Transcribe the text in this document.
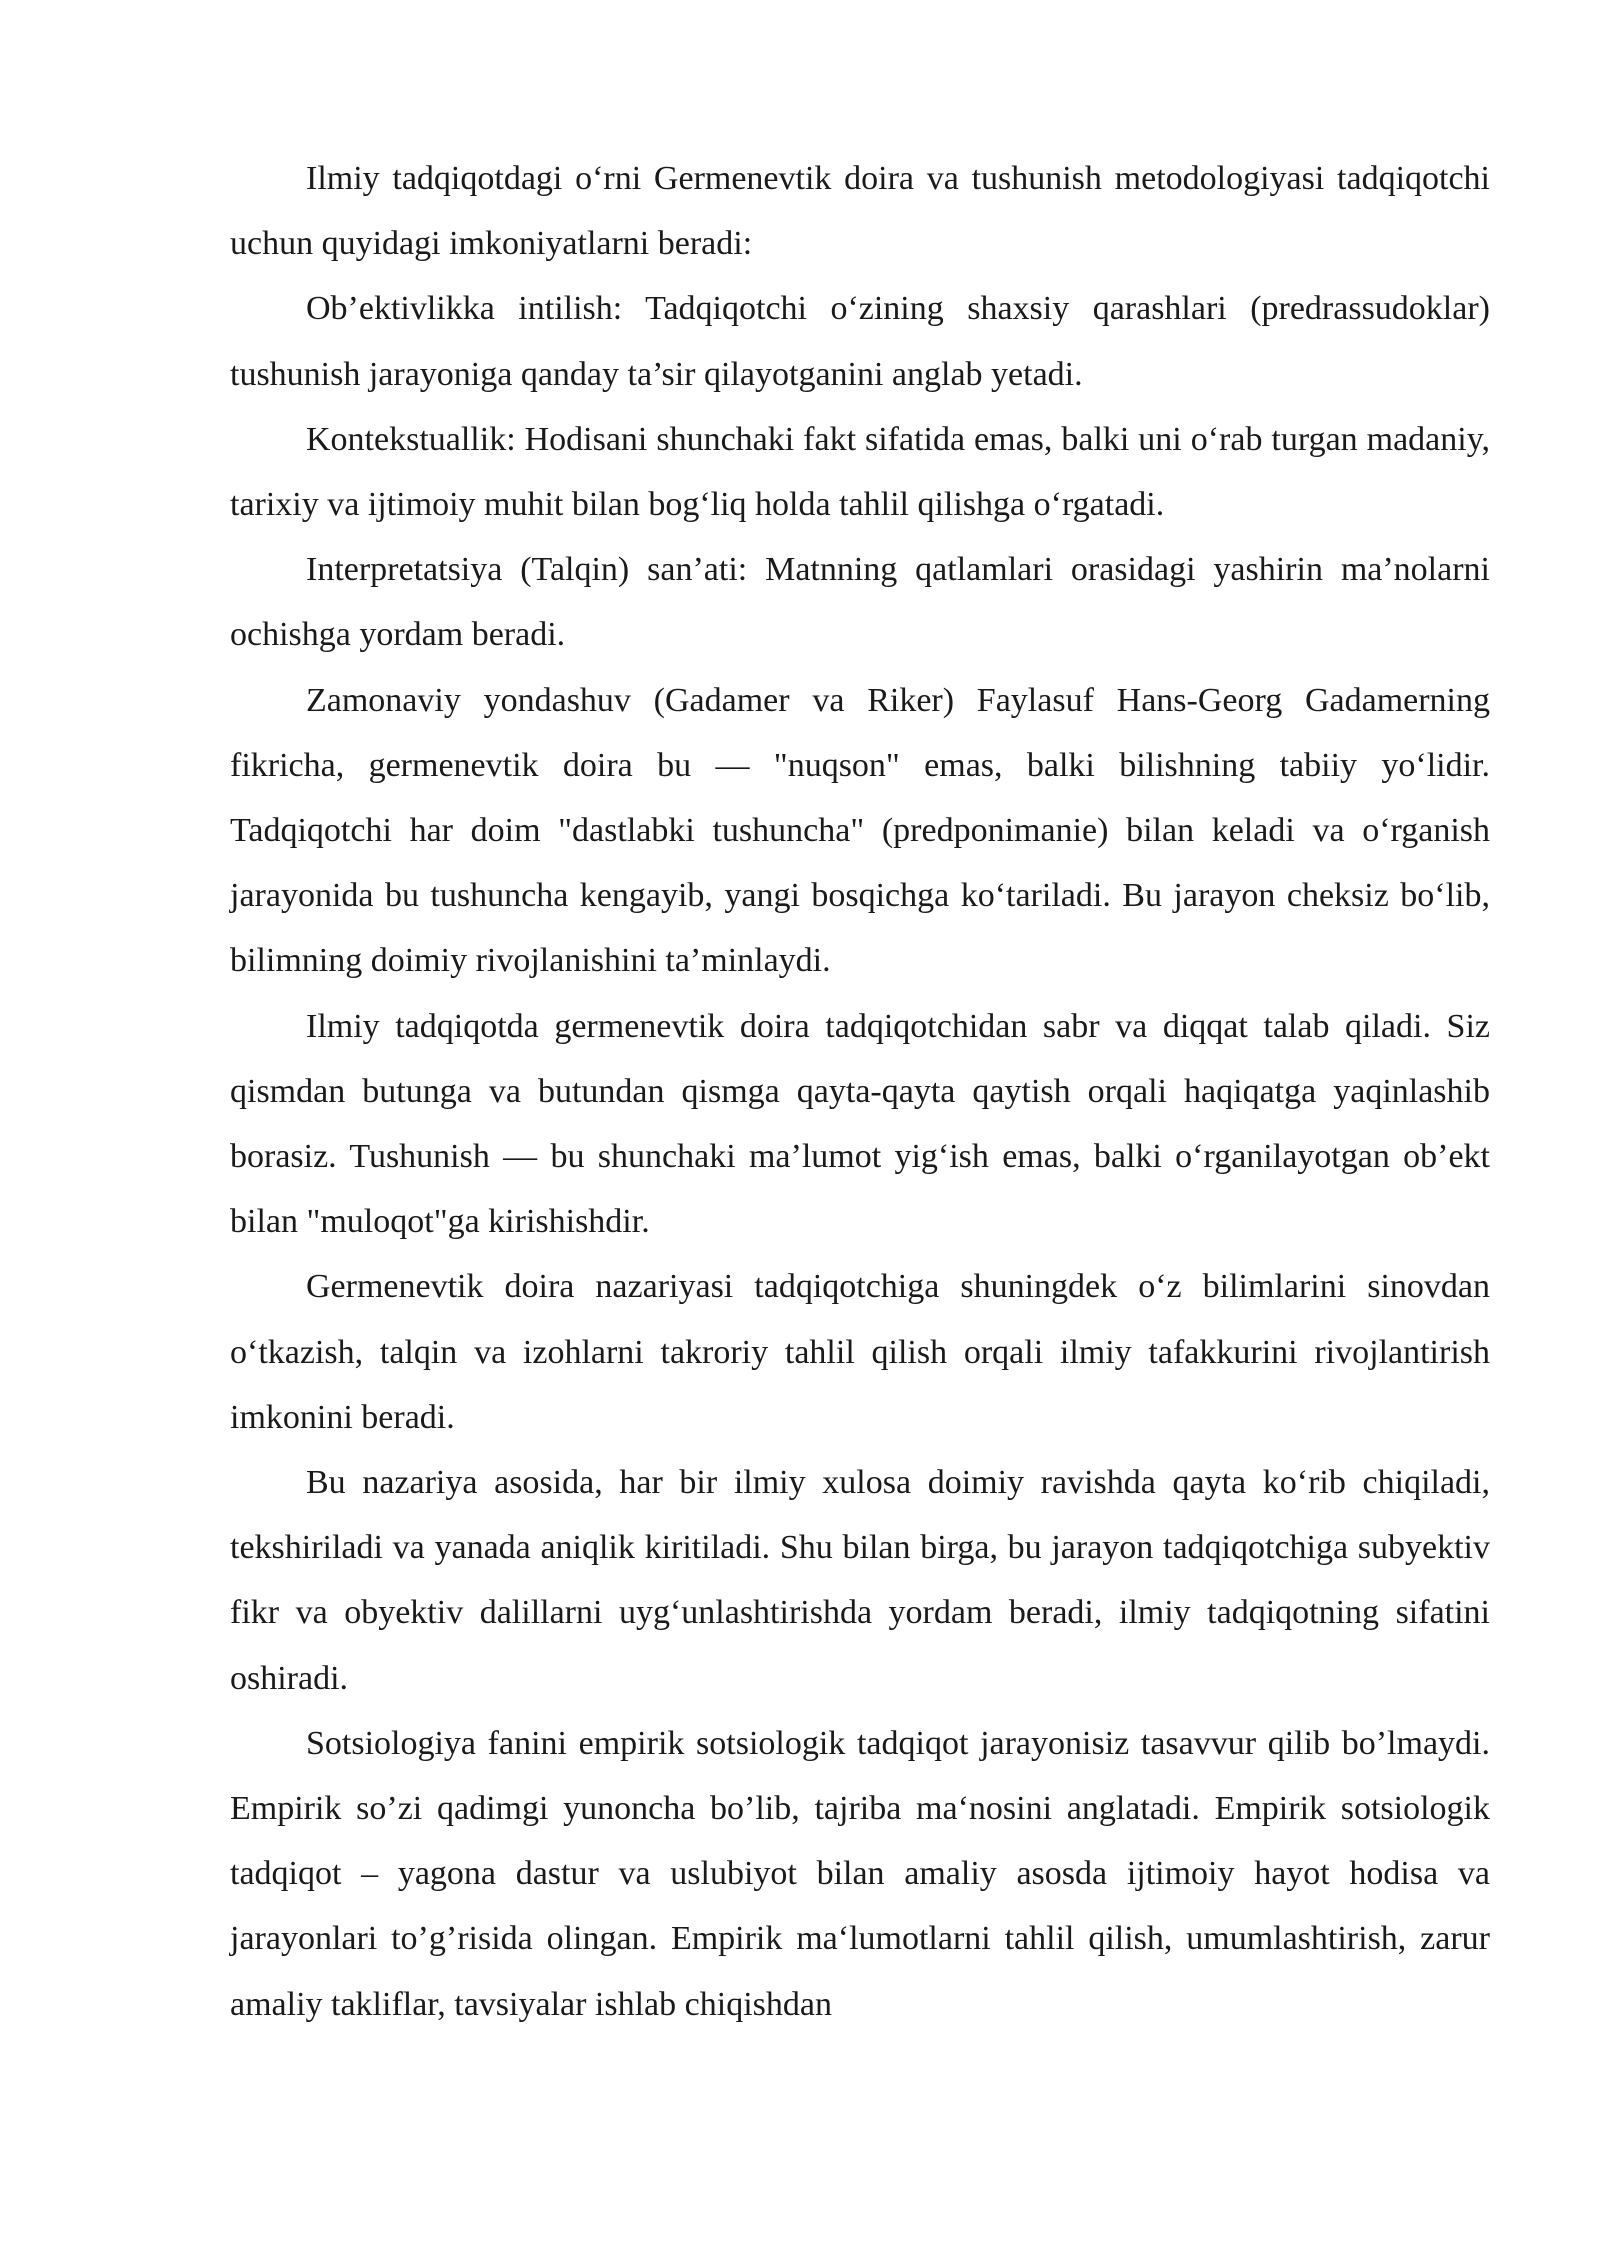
Ilmiy tadqiqotdagi o‘rni Germenevtik doira va tushunish metodologiyasi tadqiqotchi uchun quyidagi imkoniyatlarni beradi:

Ob’ektivlikka intilish: Tadqiqotchi o‘zining shaxsiy qarashlari (predrassudoklar) tushunish jarayoniga qanday ta’sir qilayotganini anglab yetadi.

Kontekstuallik: Hodisani shunchaki fakt sifatida emas, balki uni o‘rab turgan madaniy, tarixiy va ijtimoiy muhit bilan bog‘liq holda tahlil qilishga o‘rgatadi.

Interpretatsiya (Talqin) san’ati: Matnning qatlamlari orasidagi yashirin ma’nolarni ochishga yordam beradi.

Zamonaviy yondashuv (Gadamer va Riker) Faylasuf Hans-Georg Gadamerning fikricha, germenevtik doira bu — "nuqson" emas, balki bilishning tabiiy yo‘lidir. Tadqiqotchi har doim "dastlabki tushuncha" (predponimanie) bilan keladi va o‘rganish jarayonida bu tushuncha kengayib, yangi bosqichga ko‘tariladi. Bu jarayon cheksiz bo‘lib, bilimning doimiy rivojlanishini ta’minlaydi.

Ilmiy tadqiqotda germenevtik doira tadqiqotchidan sabr va diqqat talab qiladi. Siz qismdan butunga va butundan qismga qayta-qayta qaytish orqali haqiqatga yaqinlashib borasiz. Tushunish — bu shunchaki ma’lumot yig‘ish emas, balki o‘rganilayotgan ob’ekt bilan "muloqot"ga kirishishdir.

Germenevtik doira nazariyasi tadqiqotchiga shuningdek o‘z bilimlarini sinovdan o‘tkazish, talqin va izohlarni takroriy tahlil qilish orqali ilmiy tafakkurini rivojlantirish imkonini beradi.

Bu nazariya asosida, har bir ilmiy xulosa doimiy ravishda qayta ko‘rib chiqiladi, tekshiriladi va yanada aniqlik kiritiladi. Shu bilan birga, bu jarayon tadqiqotchiga subyektiv fikr va obyektiv dalillarni uyg‘unlashtirishda yordam beradi, ilmiy tadqiqotning sifatini oshiradi.

Sotsiologiya fanini empirik sotsiologik tadqiqot jarayonisiz tasavvur qilib bo’lmaydi. Empirik so’zi qadimgi yunoncha bo’lib, tajriba ma‘nosini anglatadi. Empirik sotsiologik tadqiqot – yagona dastur va uslubiyot bilan amaliy asosda ijtimoiy hayot hodisa va jarayonlari to’g’risida olingan. Empirik ma‘lumotlarni tahlil qilish, umumlashtirish, zarur amaliy takliflar, tavsiyalar ishlab chiqishdan
